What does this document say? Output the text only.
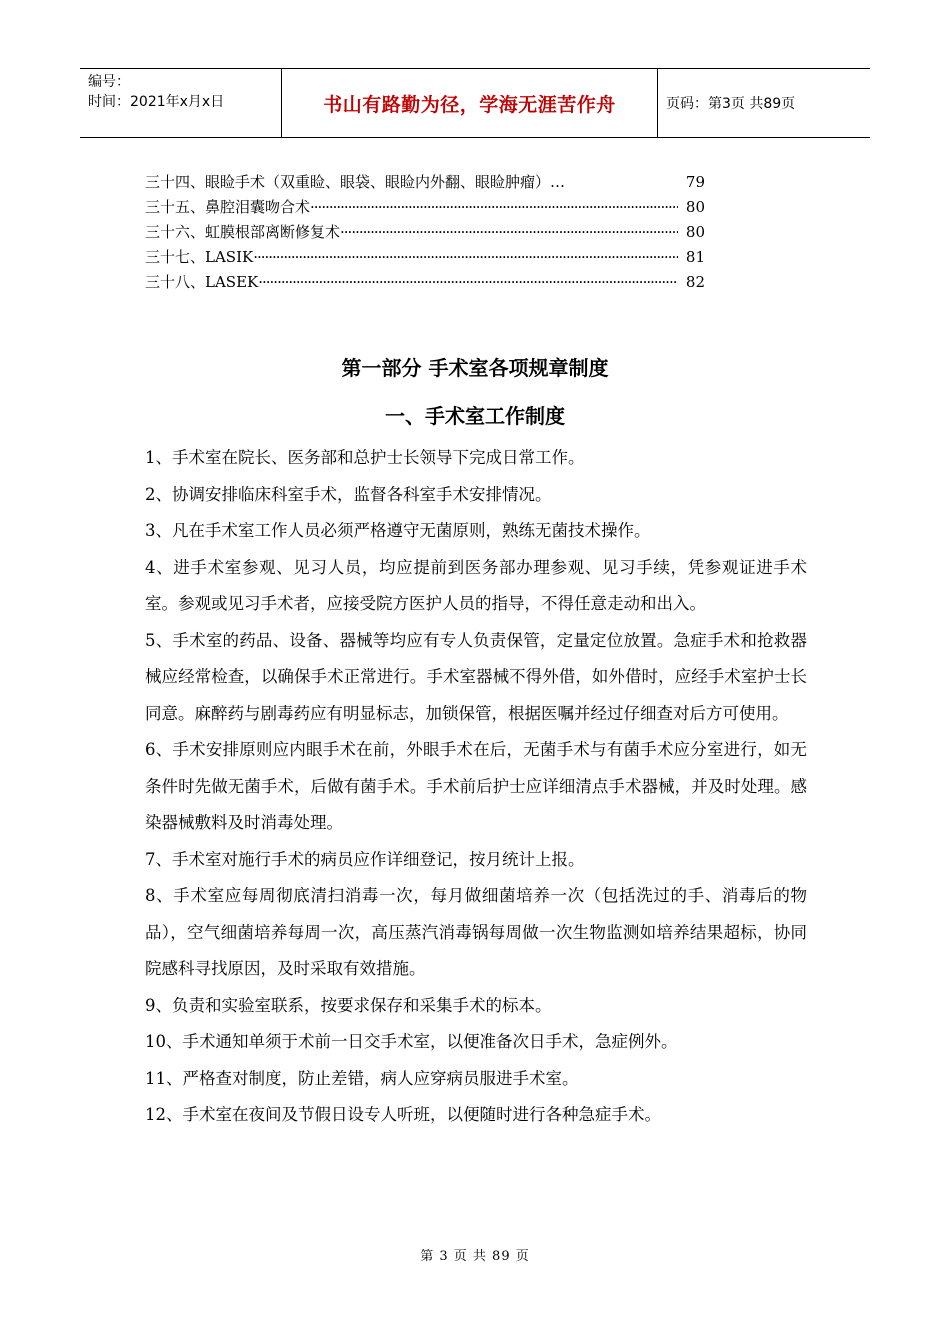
编号：
时间：2021年x月x日	书山有路勤为径，学海无涯苦作舟	页码：第3页 共89页
三十四、眼睑手术（双重睑、眼袋、眼睑内外翻、眼睑肿瘤）…	79
三十五、鼻腔泪囊吻合术 ·····	80
三十六、虹膜根部离断修复术 ·····	80
三十七、LASIK ·····	81
三十八、LASEK ·····	82
第一部分 手术室各项规章制度
一、手术室工作制度

1、手术室在院长、医务部和总护士长领导下完成日常工作。

2、协调安排临床科室手术，监督各科室手术安排情况。

3、凡在手术室工作人员必须严格遵守无菌原则，熟练无菌技术操作。

4、进手术室参观、见习人员，均应提前到医务部办理参观、见习手续，凭参观证进手术室。参观或见习手术者，应接受院方医护人员的指导，不得任意走动和出入。

5、手术室的药品、设备、器械等均应有专人负责保管，定量定位放置。急症手术和抢救器械应经常检查，以确保手术正常进行。手术室器械不得外借，如外借时，应经手术室护士长同意。麻醉药与剧毒药应有明显标志，加锁保管，根据医嘱并经过仔细查对后方可使用。

6、手术安排原则应内眼手术在前，外眼手术在后，无菌手术与有菌手术应分室进行，如无条件时先做无菌手术，后做有菌手术。手术前后护士应详细清点手术器械，并及时处理。感染器械敷料及时消毒处理。

7、手术室对施行手术的病员应作详细登记，按月统计上报。

8、手术室应每周彻底清扫消毒一次，每月做细菌培养一次（包括洗过的手、消毒后的物品），空气细菌培养每周一次，高压蒸汽消毒锅每周做一次生物监测如培养结果超标，协同院感科寻找原因，及时采取有效措施。

9、负责和实验室联系，按要求保存和采集手术的标本。

10、手术通知单须于术前一日交手术室，以便准备次日手术，急症例外。

11、严格查对制度，防止差错，病人应穿病员服进手术室。

12、手术室在夜间及节假日设专人听班，以便随时进行各种急症手术。

第 3 页 共 89 页
